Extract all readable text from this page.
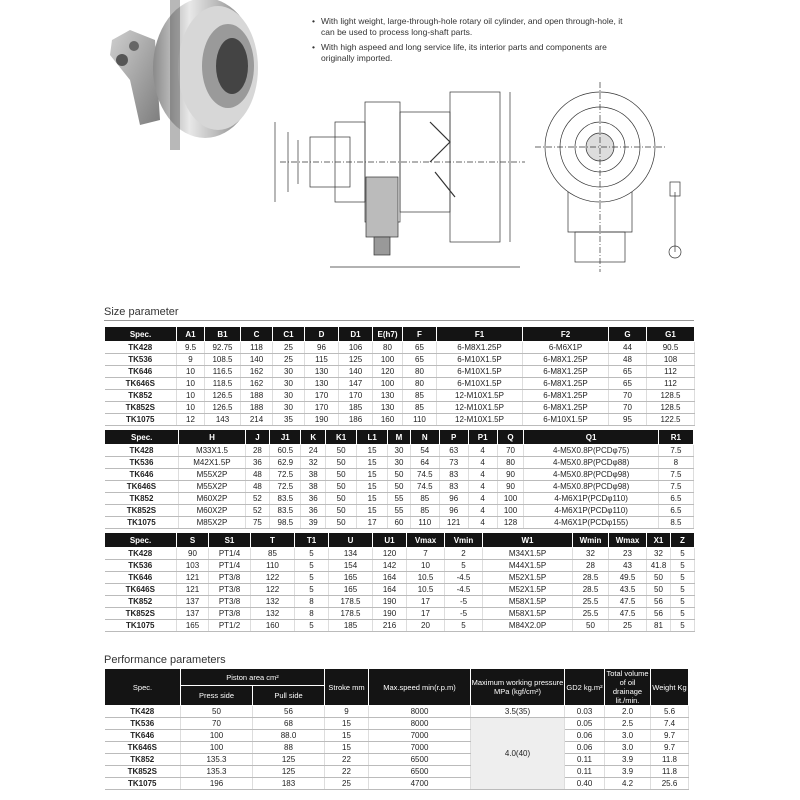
• With light weight, large-through-hole rotary oil cylinder, and open through-hole, it can be used to process long-shaft parts.
• With high aspeed and long service life, its interior parts and components are originally imported.
Size parameter
Spec.	A1	B1	C	C1	D	D1	E(h7)	F	F1	F2	G	G1
TK428	9.5	92.75	118	25	96	106	80	65	6-M8X1.25P	6-M6X1P	44	90.5
TK536	9	108.5	140	25	115	125	100	65	6-M10X1.5P	6-M8X1.25P	48	108
TK646	10	116.5	162	30	130	140	120	80	6-M10X1.5P	6-M8X1.25P	65	112
TK646S	10	118.5	162	30	130	147	100	80	6-M10X1.5P	6-M8X1.25P	65	112
TK852	10	126.5	188	30	170	170	130	85	12-M10X1.5P	6-M8X1.25P	70	128.5
TK852S	10	126.5	188	30	170	185	130	85	12-M10X1.5P	6-M8X1.25P	70	128.5
TK1075	12	143	214	35	190	186	160	110	12-M10X1.5P	6-M10X1.5P	95	122.5
Spec.	H	J	J1	K	K1	L1	M	N	P	P1	Q	Q1	R1
TK428	M33X1.5	28	60.5	24	50	15	30	54	63	4	70	4-M5X0.8P(PCDφ75)	7.5
TK536	M42X1.5P	36	62.9	32	50	15	30	64	73	4	80	4-M5X0.8P(PCDφ88)	8
TK646	M55X2P	48	72.5	38	50	15	50	74.5	83	4	90	4-M5X0.8P(PCDφ98)	7.5
TK646S	M55X2P	48	72.5	38	50	15	50	74.5	83	4	90	4-M5X0.8P(PCDφ98)	7.5
TK852	M60X2P	52	83.5	36	50	15	55	85	96	4	100	4-M6X1P(PCDφ110)	6.5
TK852S	M60X2P	52	83.5	36	50	15	55	85	96	4	100	4-M6X1P(PCDφ110)	6.5
TK1075	M85X2P	75	98.5	39	50	17	60	110	121	4	128	4-M6X1P(PCDφ155)	8.5
Spec.	S	S1	T	T1	U	U1	Vmax	Vmin	W1	Wmin	Wmax	X1	Z
TK428	90	PT1/4	85	5	134	120	7	2	M34X1.5P	32	23	32	5
TK536	103	PT1/4	110	5	154	142	10	5	M44X1.5P	28	43	41.8	5
TK646	121	PT3/8	122	5	165	164	10.5	-4.5	M52X1.5P	28.5	49.5	50	5
TK646S	121	PT3/8	122	5	165	164	10.5	-4.5	M52X1.5P	28.5	43.5	50	5
TK852	137	PT3/8	132	8	178.5	190	17	-5	M58X1.5P	25.5	47.5	56	5
TK852S	137	PT3/8	132	8	178.5	190	17	-5	M58X1.5P	25.5	47.5	56	5
TK1075	165	PT1/2	160	5	185	216	20	5	M84X2.0P	50	25	81	5
Performance parameters
Spec.	Piston area cm²		Stroke mm	Max.speed min(r.p.m)	Maximum working pressure MPa (kgf/cm²)	GD2 kg.m²	Total volume of oil drainage lit./min.	Weight Kg
	Press side	Pull side						
TK428	50	56	9	8000	3.5(35)	0.03	2.0	5.6
TK536	70	68	15	8000	4.0(40)	0.05	2.5	7.4
TK646	100	88.0	15	7000		0.06	3.0	9.7
TK646S	100	88	15	7000		0.06	3.0	9.7
TK852	135.3	125	22	6500		0.11	3.9	11.8
TK852S	135.3	125	22	6500		0.11	3.9	11.8
TK1075	196	183	25	4700		0.40	4.2	25.6
